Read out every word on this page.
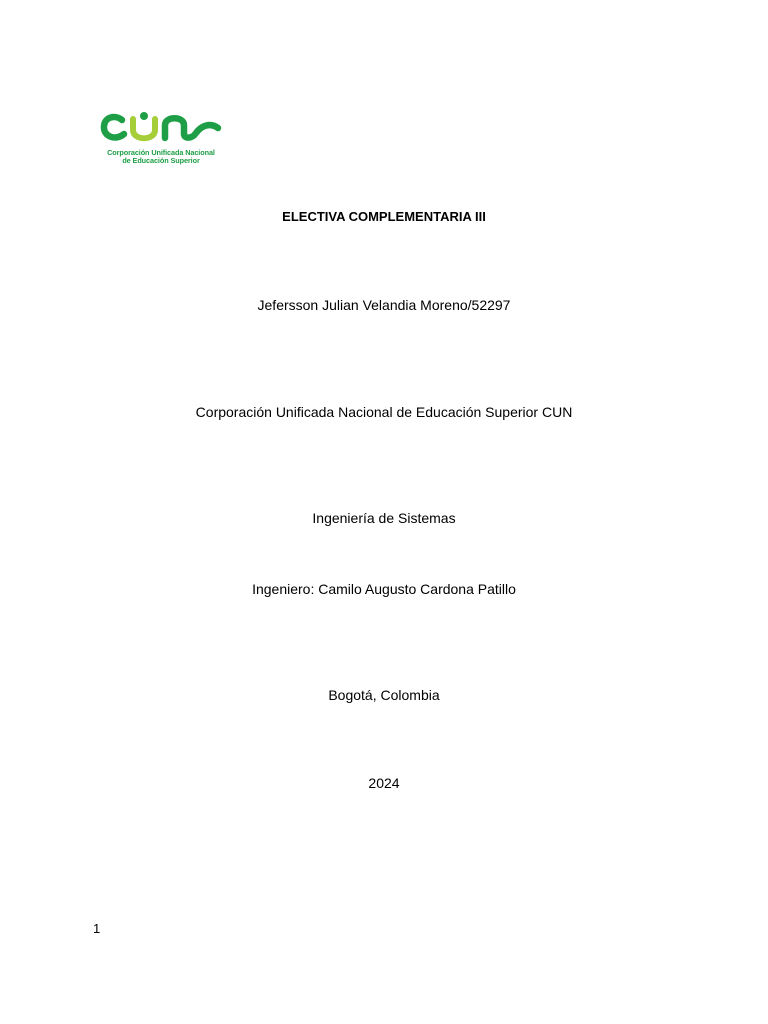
Corporación Unificada Nacional
de Educación Superior
ELECTIVA COMPLEMENTARIA III
Jefersson Julian Velandia Moreno/52297
Corporación Unificada Nacional de Educación Superior CUN
Ingeniería de Sistemas
Ingeniero: Camilo Augusto Cardona Patillo
Bogotá, Colombia
2024
1
